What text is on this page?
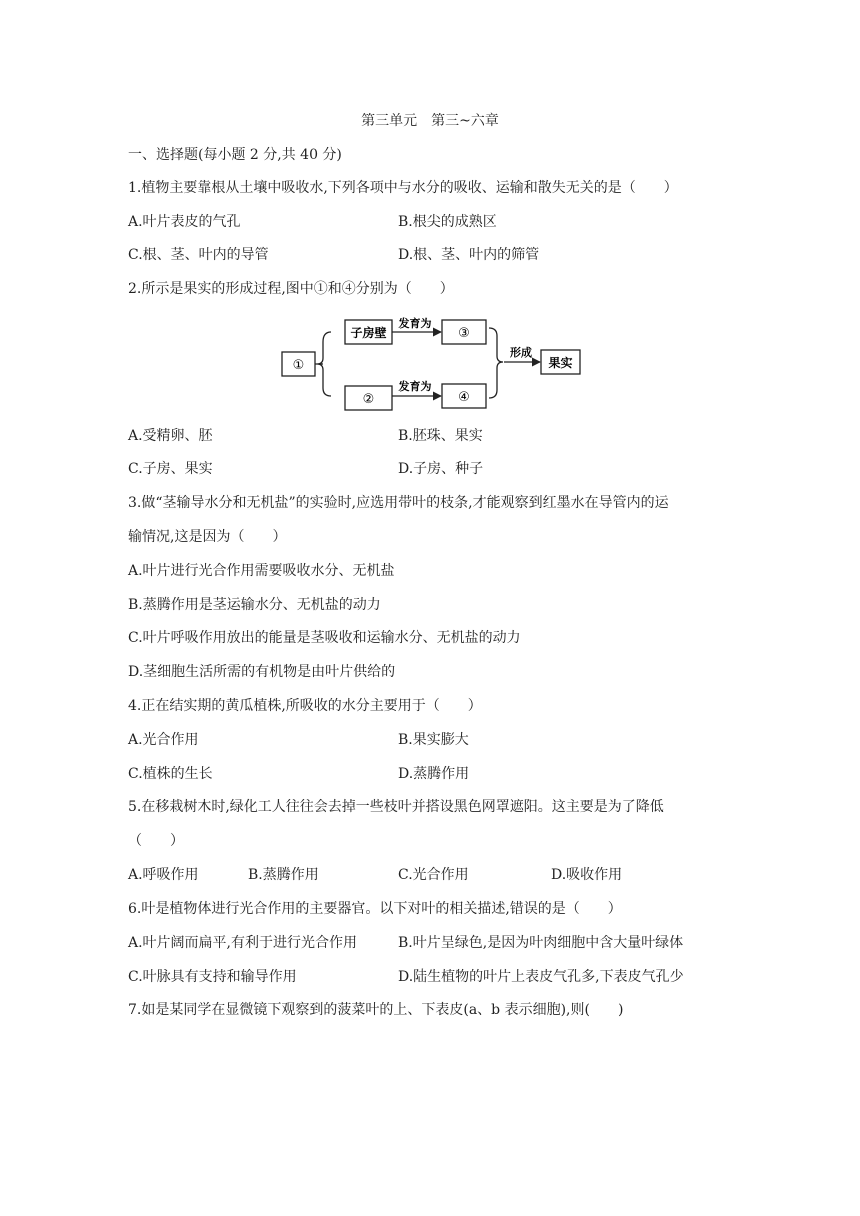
第三单元　第三~六章
一、选择题(每小题 2 分,共 40 分)
1.植物主要靠根从土壤中吸收水,下列各项中与水分的吸收、运输和散失无关的是（　　）
A.叶片表皮的气孔	B.根尖的成熟区
C.根、茎、叶内的导管	D.根、茎、叶内的筛管
2.所示是果实的形成过程,图中①和④分别为（　　）
①
子房壁
发育为
③
②
发育为
④
形成
果实
A.受精卵、胚	B.胚珠、果实
C.子房、果实	D.子房、种子
3.做“茎输导水分和无机盐”的实验时,应选用带叶的枝条,才能观察到红墨水在导管内的运
输情况,这是因为（　　）
A.叶片进行光合作用需要吸收水分、无机盐
B.蒸腾作用是茎运输水分、无机盐的动力
C.叶片呼吸作用放出的能量是茎吸收和运输水分、无机盐的动力
D.茎细胞生活所需的有机物是由叶片供给的
4.正在结实期的黄瓜植株,所吸收的水分主要用于（　　）
A.光合作用	B.果实膨大
C.植株的生长	D.蒸腾作用
5.在移栽树木时,绿化工人往往会去掉一些枝叶并搭设黑色网罩遮阳。这主要是为了降低
（　　）
A.呼吸作用	B.蒸腾作用	C.光合作用	D.吸收作用
6.叶是植物体进行光合作用的主要器官。以下对叶的相关描述,错误的是（　　）
A.叶片阔而扁平,有利于进行光合作用	B.叶片呈绿色,是因为叶肉细胞中含大量叶绿体
C.叶脉具有支持和输导作用	D.陆生植物的叶片上表皮气孔多,下表皮气孔少
7.如是某同学在显微镜下观察到的菠菜叶的上、下表皮(a、b 表示细胞),则(　　)
